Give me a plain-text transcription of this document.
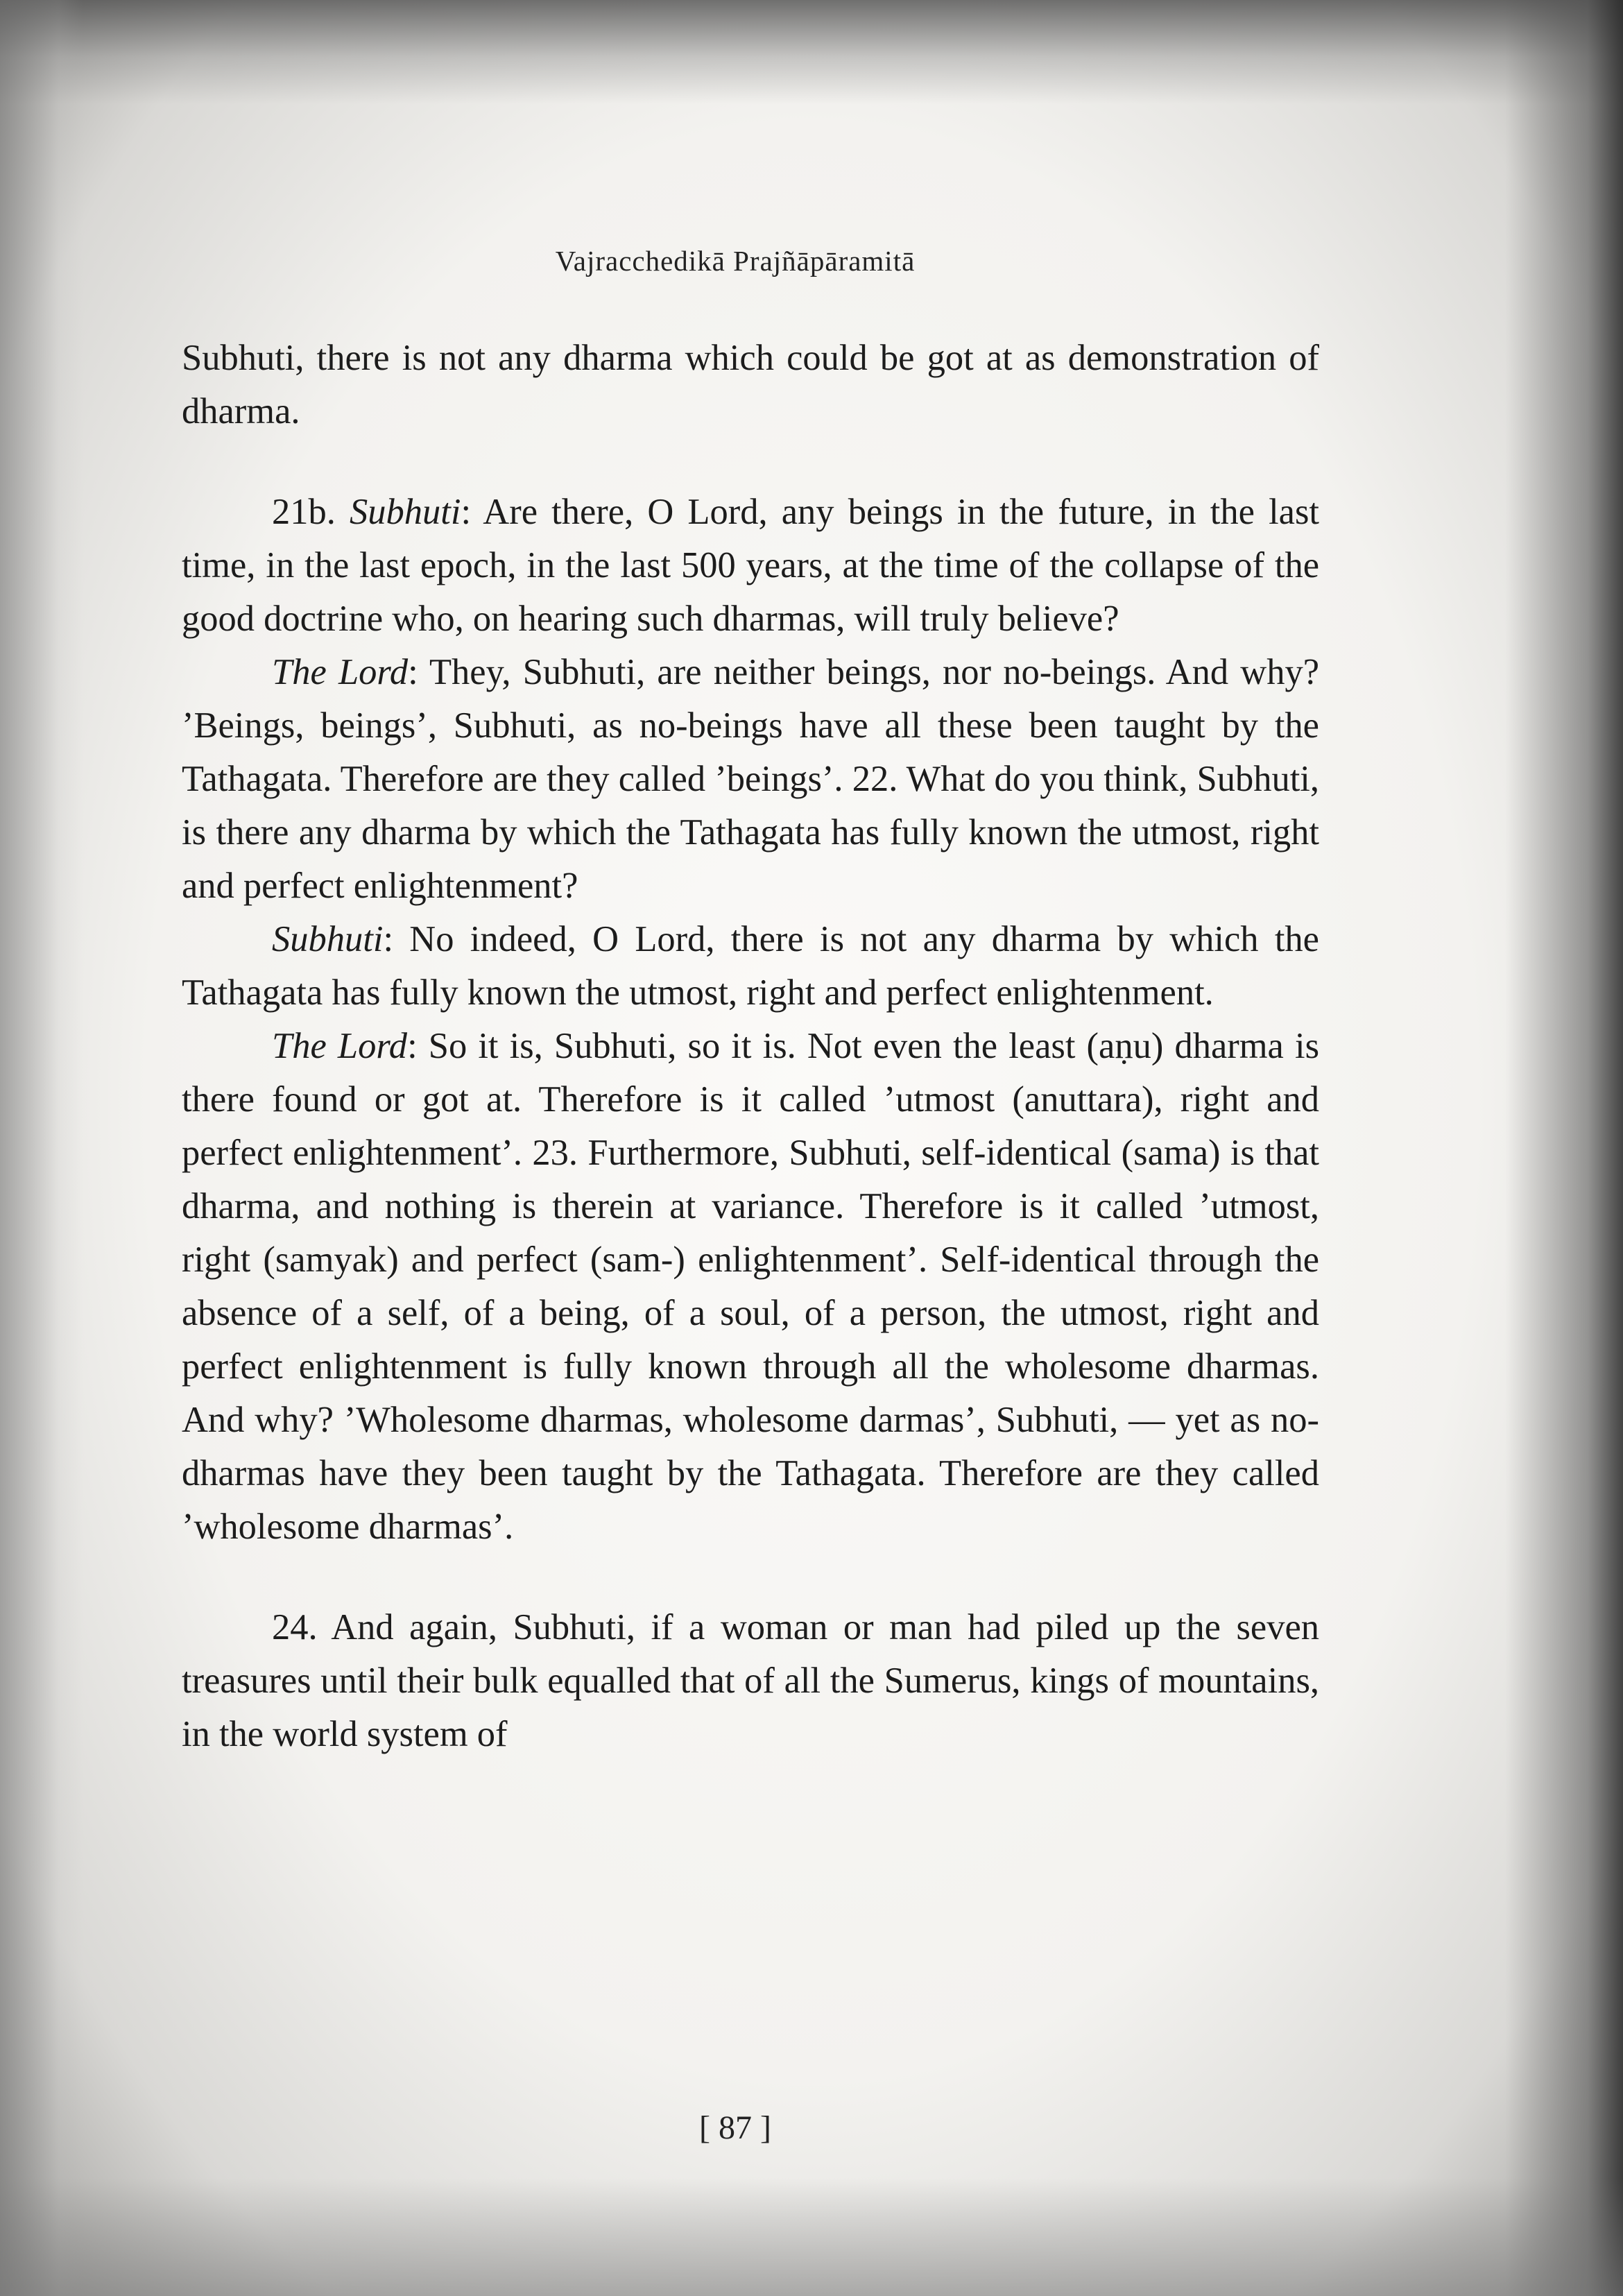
Vajracchedikā Prajñāpāramitā

Subhuti, there is not any dharma which could be got at as demonstration of dharma.

21b. Subhuti: Are there, O Lord, any beings in the future, in the last time, in the last epoch, in the last 500 years, at the time of the collapse of the good doctrine who, on hearing such dharmas, will truly believe?

The Lord: They, Subhuti, are neither beings, nor no-beings. And why? ’Beings, beings’, Subhuti, as no-beings have all these been taught by the Tathagata. Therefore are they called ’beings’. 22. What do you think, Subhuti, is there any dharma by which the Tathagata has fully known the utmost, right and perfect enlightenment?

Subhuti: No indeed, O Lord, there is not any dharma by which the Tathagata has fully known the utmost, right and perfect enlightenment.

The Lord: So it is, Subhuti, so it is. Not even the least (aṇu) dharma is there found or got at. Therefore is it called ’utmost (anuttara), right and perfect enlightenment’. 23. Furthermore, Subhuti, self-identical (sama) is that dharma, and nothing is therein at variance. Therefore is it called ’utmost, right (samyak) and perfect (sam-) enlightenment’. Self-identical through the absence of a self, of a being, of a soul, of a person, the utmost, right and perfect enlightenment is fully known through all the wholesome dharmas. And why? ’Wholesome dharmas, wholesome darmas’, Subhuti, — yet as no-dharmas have they been taught by the Tathagata. Therefore are they called ’wholesome dharmas’.

24. And again, Subhuti, if a woman or man had piled up the seven treasures until their bulk equalled that of all the Sumerus, kings of mountains, in the world system of

[ 87 ]
